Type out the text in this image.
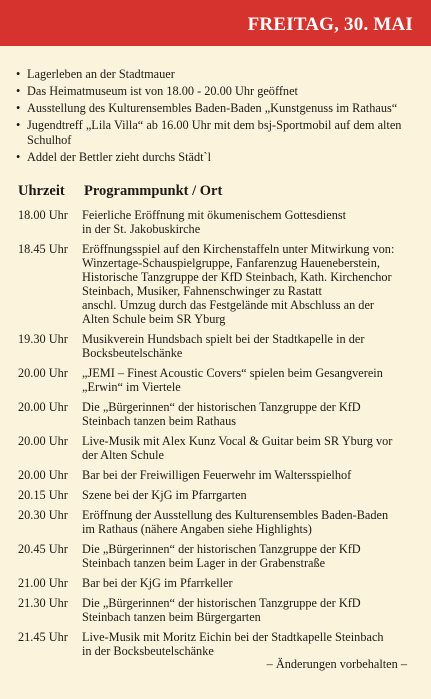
FREITAG, 30. MAI
• Lagerleben an der Stadtmauer
• Das Heimatmuseum ist von 18.00 - 20.00 Uhr geöffnet
• Ausstellung des Kulturensembles Baden-Baden „Kunstgenuss im Rathaus“
• Jugendtreff „Lila Villa“ ab 16.00 Uhr mit dem bsj-Sportmobil auf dem alten Schulhof
• Addel der Bettler zieht durchs Städt`l
Uhrzeit Programmpunkt / Ort
18.00 Uhr	Feierliche Eröffnung mit ökumenischem Gottesdienst
in der St. Jakobuskirche
18.45 Uhr	Eröffnungsspiel auf den Kirchenstaffeln unter Mitwirkung von:
Winzertage-Schauspielgruppe, Fanfarenzug Haueneberstein,
Historische Tanzgruppe der KfD Steinbach, Kath. Kirchenchor
Steinbach, Musiker, Fahnenschwinger zu Rastatt
anschl. Umzug durch das Festgelände mit Abschluss an der
Alten Schule beim SR Yburg
19.30 Uhr	Musikverein Hundsbach spielt bei der Stadtkapelle in der
Bocksbeutelschänke
20.00 Uhr	„JEMI – Finest Acoustic Covers“ spielen beim Gesangverein
„Erwin“ im Viertele
20.00 Uhr	Die „Bürgerinnen“ der historischen Tanzgruppe der KfD
Steinbach tanzen beim Rathaus
20.00 Uhr	Live-Musik mit Alex Kunz Vocal & Guitar beim SR Yburg vor
der Alten Schule
20.00 Uhr	Bar bei der Freiwilligen Feuerwehr im Waltersspielhof
20.15 Uhr	Szene bei der KjG im Pfarrgarten
20.30 Uhr	Eröffnung der Ausstellung des Kulturensembles Baden-Baden
im Rathaus (nähere Angaben siehe Highlights)
20.45 Uhr	Die „Bürgerinnen“ der historischen Tanzgruppe der KfD
Steinbach tanzen beim Lager in der Grabenstraße
21.00 Uhr	Bar bei der KjG im Pfarrkeller
21.30 Uhr	Die „Bürgerinnen“ der historischen Tanzgruppe der KfD
Steinbach tanzen beim Bürgergarten
21.45 Uhr	Live-Musik mit Moritz Eichin bei der Stadtkapelle Steinbach
in der Bocksbeutelschänke
– Änderungen vorbehalten –
